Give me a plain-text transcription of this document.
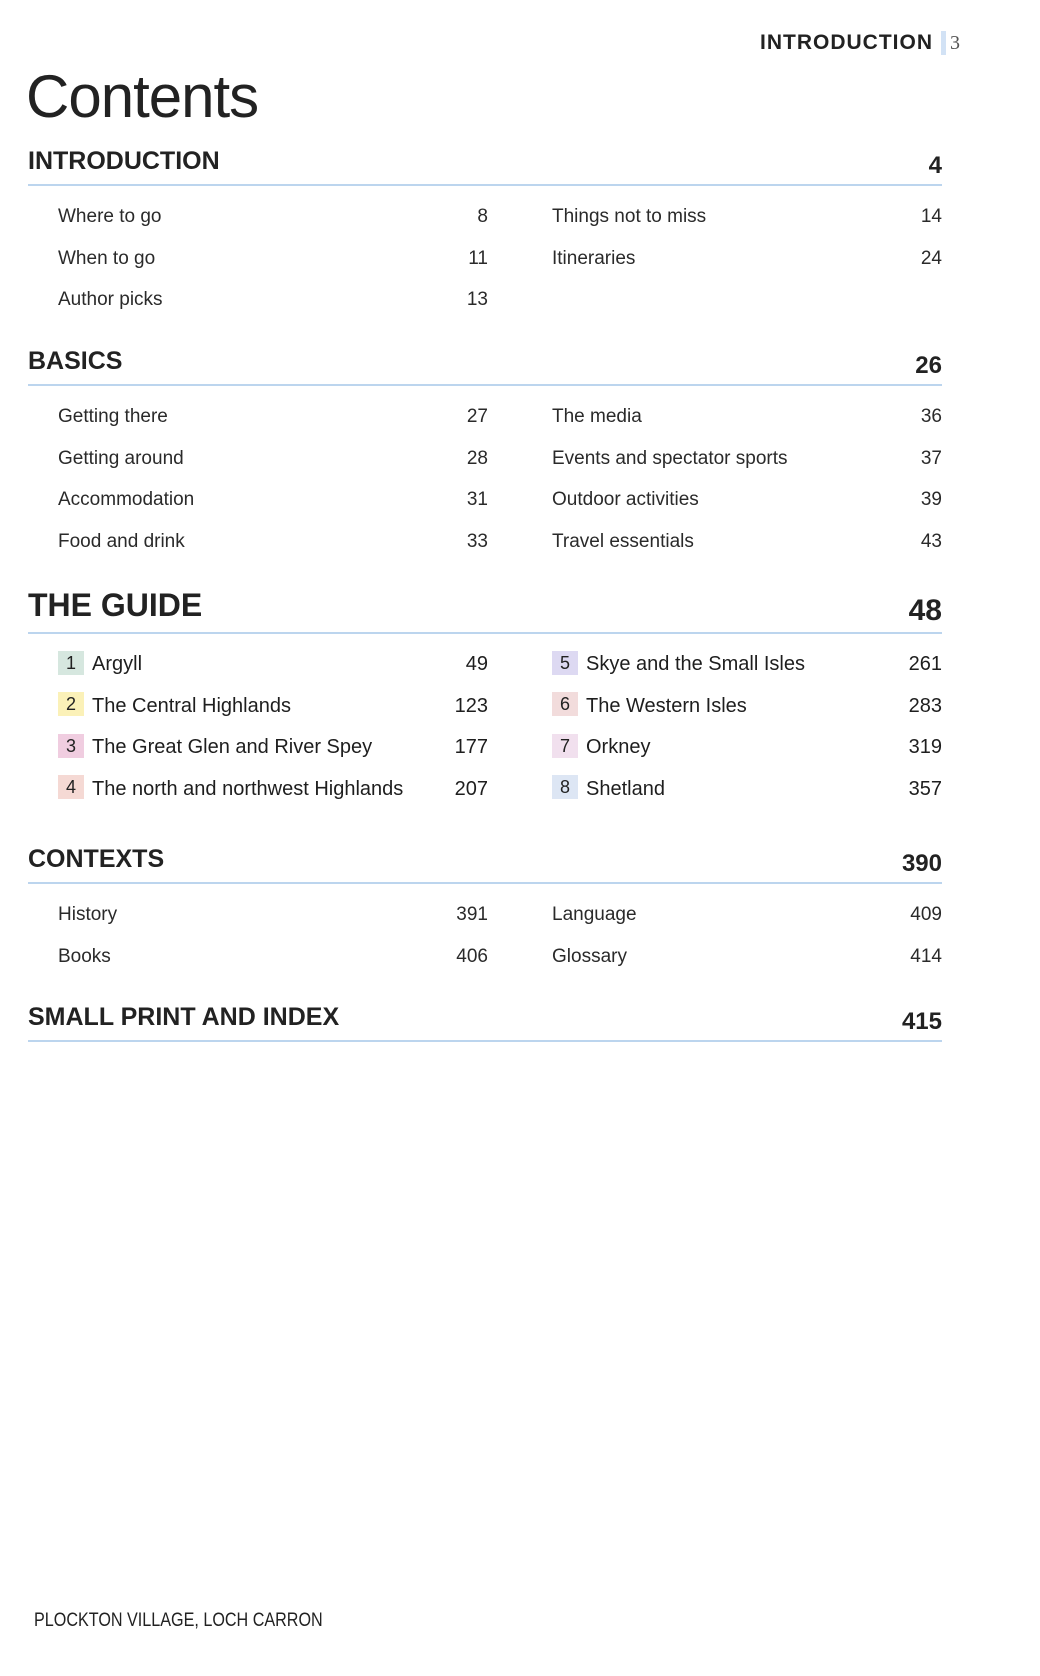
INTRODUCTION 3
Contents
INTRODUCTION	4
Where to go	8
When to go	11
Author picks	13
Things not to miss	14
Itineraries	24
BASICS	26
Getting there	27
Getting around	28
Accommodation	31
Food and drink	33
The media	36
Events and spectator sports	37
Outdoor activities	39
Travel essentials	43
THE GUIDE	48
1 Argyll	49
2 The Central Highlands	123
3 The Great Glen and River Spey	177
4 The north and northwest Highlands	207
5 Skye and the Small Isles	261
6 The Western Isles	283
7 Orkney	319
8 Shetland	357
CONTEXTS	390
History	391
Books	406
Language	409
Glossary	414
SMALL PRINT AND INDEX	415
PLOCKTON VILLAGE, LOCH CARRON
